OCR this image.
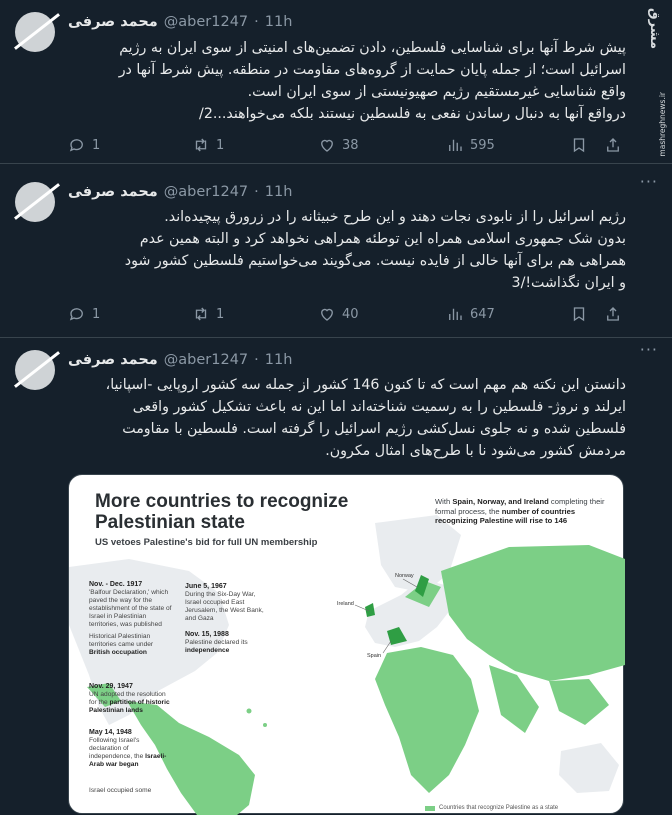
مشرق
mashreghnews.ir
محمد صرفی @aber1247 · 11h
پیش شرط آنها برای شناسایی فلسطین، دادن تضمین‌های امنیتی از سوی ایران به رژیم
اسرائیل است؛ از جمله پایان حمایت از گروه‌های مقاومت در منطقه. پیش شرط آنها در
واقع شناسایی غیرمستقیم رژیم صهیونیستی از سوی ایران است.
درواقع آنها به دنبال رساندن نفعی به فلسطین نیستند بلکه می‌خواهند...2/
1	1	38	595
محمد صرفی @aber1247 · 11h
···
رژیم اسرائیل را از نابودی نجات دهند و این طرح خبیثانه را در زرورق پیچیده‌اند.
بدون شک جمهوری اسلامی همراه این توطئه همراهی نخواهد کرد و البته همین عدم
همراهی هم برای آنها خالی از فایده نیست. می‌گویند می‌خواستیم فلسطین کشور شود
و ایران نگذاشت!/3
1	1	40	647
محمد صرفی @aber1247 · 11h
···
دانستن این نکته هم مهم است که تا کنون 146 کشور از جمله سه کشور اروپایی -اسپانیا،
ایرلند و نروژ- فلسطین را به رسمیت شناخته‌اند اما این نه باعث تشکیل کشور واقعی
فلسطین شده و نه جلوی نسل‌کشی رژیم اسرائیل را گرفته است. فلسطین با مقاومت
مردمش کشور می‌شود نا با طرح‌های امثال مکرون.
More countries to recognize Palestinian state
US vetoes Palestine's bid for full UN membership
With Spain, Norway, and Ireland completing their formal process, the number of countries recognizing Palestine will rise to 146
Nov. - Dec. 1917
'Balfour Declaration,' which paved the way for the establishment of the state of Israel in Palestinian territories, was published
Historical Palestinian territories came under British occupation
Nov. 29, 1947
UN adopted the resolution for the partition of historic Palestinian lands
May 14, 1948
Following Israel's declaration of independence, the Israeli-Arab war began
Israel occupied some
June 5, 1967
During the Six-Day War, Israel occupied East Jerusalem, the West Bank, and Gaza
Nov. 15, 1988
Palestine declared its independence
Norway
Ireland
Spain
Countries that recognize Palestine as a state
